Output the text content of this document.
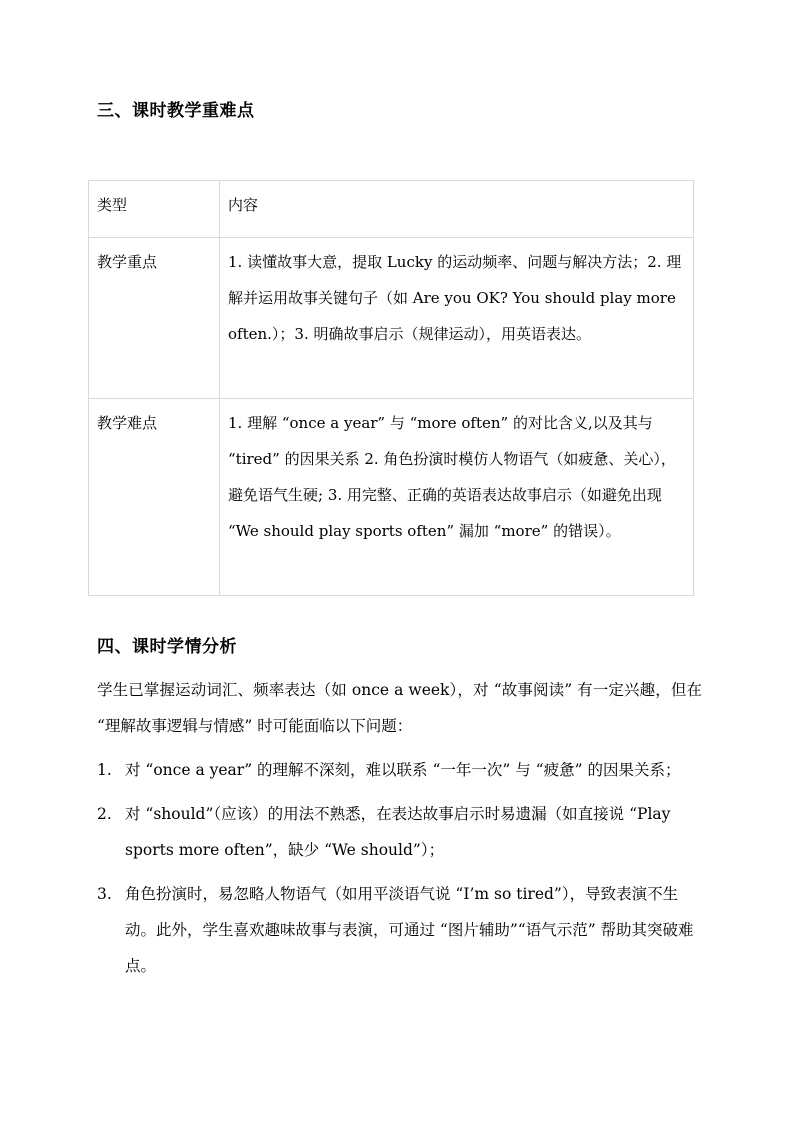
三、课时教学重难点
类型	内容
教学重点	1. 读懂故事大意，提取 Lucky 的运动频率、问题与解决方法；2. 理解并运用故事关键句子（如 Are you OK? You should play more often.）；3. 明确故事启示（规律运动），用英语表达。
教学难点	1. 理解 “once a year” 与 “more often” 的对比含义,以及其与 “tired” 的因果关系 2. 角色扮演时模仿人物语气（如疲惫、关心），避免语气生硬; 3. 用完整、正确的英语表达故事启示（如避免出现 “We should play sports often” 漏加 “more” 的错误）。
四、课时学情分析

学生已掌握运动词汇、频率表达（如 once a week），对 “故事阅读” 有一定兴趣，但在 “理解故事逻辑与情感” 时可能面临以下问题：

1. 对 “once a year” 的理解不深刻，难以联系 “一年一次” 与 “疲惫” 的因果关系；
2. 对 “should”（应该）的用法不熟悉，在表达故事启示时易遗漏（如直接说 “Play sports more often”，缺少 “We should”）；
3. 角色扮演时，易忽略人物语气（如用平淡语气说 “I’m so tired”），导致表演不生动。此外，学生喜欢趣味故事与表演，可通过 “图片辅助”“语气示范” 帮助其突破难点。
